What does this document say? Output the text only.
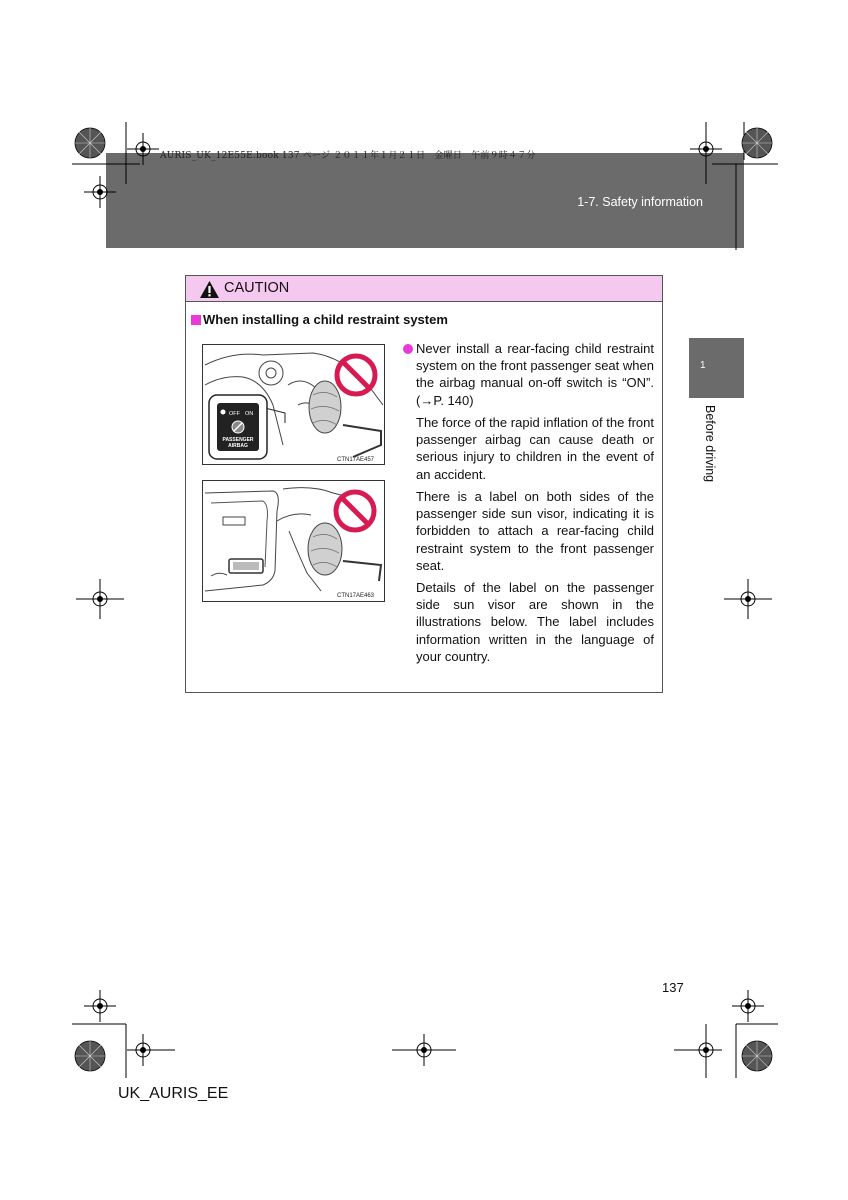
AURIS_UK_12E55E.book 137 ページ ２０１１年１月２１日　金曜日　午前９時４７分
1-7. Safety information
1
Before driving
CAUTION
When installing a child restraint system
OFF ON
PASSENGER
AIRBAG
CTN17AE457
CTN17AE463
Never install a rear-facing child restraint system on the front passenger seat when the airbag manual on-off switch is “ON”. (→P. 140)
The force of the rapid inflation of the front passenger airbag can cause death or serious injury to children in the event of an accident.
There is a label on both sides of the passenger side sun visor, indicating it is forbidden to attach a rear-facing child restraint system to the front passenger seat.
Details of the label on the passenger side sun visor are shown in the illustrations below. The label includes information written in the language of your country.
137
UK_AURIS_EE
